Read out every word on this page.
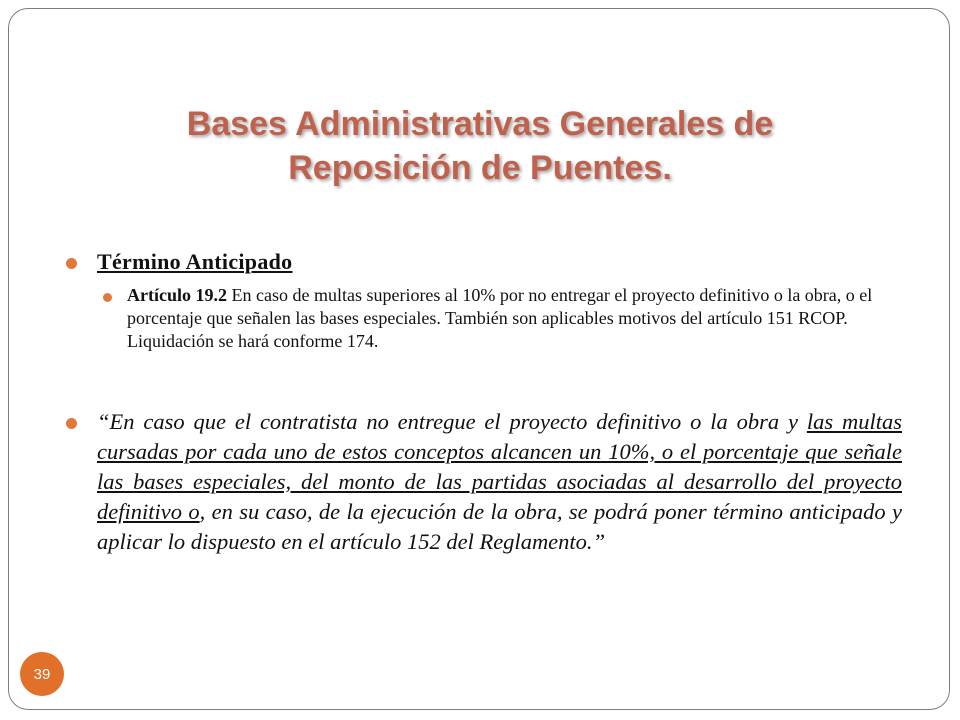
Bases Administrativas Generales de
Reposición de Puentes.
Término Anticipado
Artículo 19.2 En caso de multas superiores al 10% por no entregar el proyecto definitivo o la obra, o el porcentaje que señalen las bases especiales. También son aplicables motivos del artículo 151 RCOP. Liquidación se hará conforme 174.
“En caso que el contratista no entregue el proyecto definitivo o la obra y las multas cursadas por cada uno de estos conceptos alcancen un 10%, o el porcentaje que señale las bases especiales, del monto de las partidas asociadas al desarrollo del proyecto definitivo o, en su caso, de la ejecución de la obra, se podrá poner término anticipado y aplicar lo dispuesto en el artículo 152 del Reglamento.”
39
